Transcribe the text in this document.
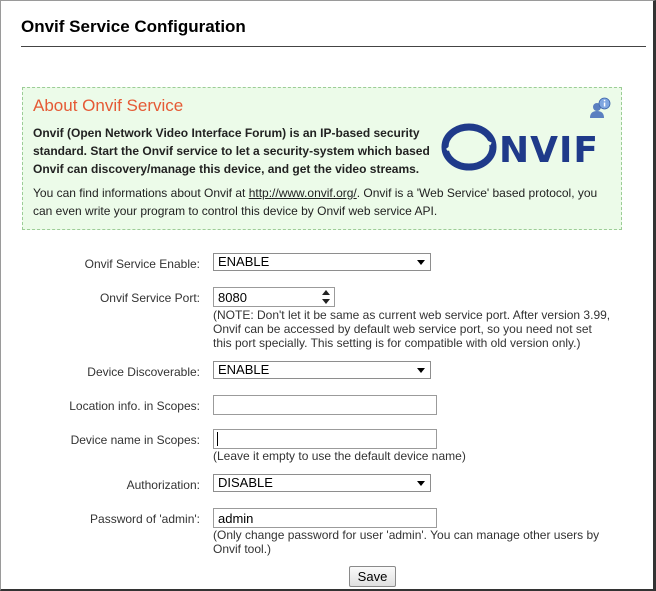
Onvif Service Configuration
About Onvif Service

Onvif (Open Network Video Interface Forum) is an IP-based security standard. Start the Onvif service to let a security-system which based Onvif can discovery/manage this device, and get the video streams.	NVIF

You can find informations about Onvif at http://www.onvif.org/. Onvif is a 'Web Service' based protocol, you can even write your program to control this device by Onvif web service API.

Onvif Service Enable:	ENABLE
Onvif Service Port:
8080

(NOTE: Don't let it be same as current web service port. After version 3.99, Onvif can be accessed by default web service port, so you need not set this port specially. This setting is for compatible with old version only.)

Device Discoverable:	ENABLE
Location info. in Scopes:
Device name in Scopes:

(Leave it empty to use the default device name)

Authorization:	DISABLE
Password of 'admin':
admin

(Only change password for user 'admin'. You can manage other users by Onvif tool.)

Save
